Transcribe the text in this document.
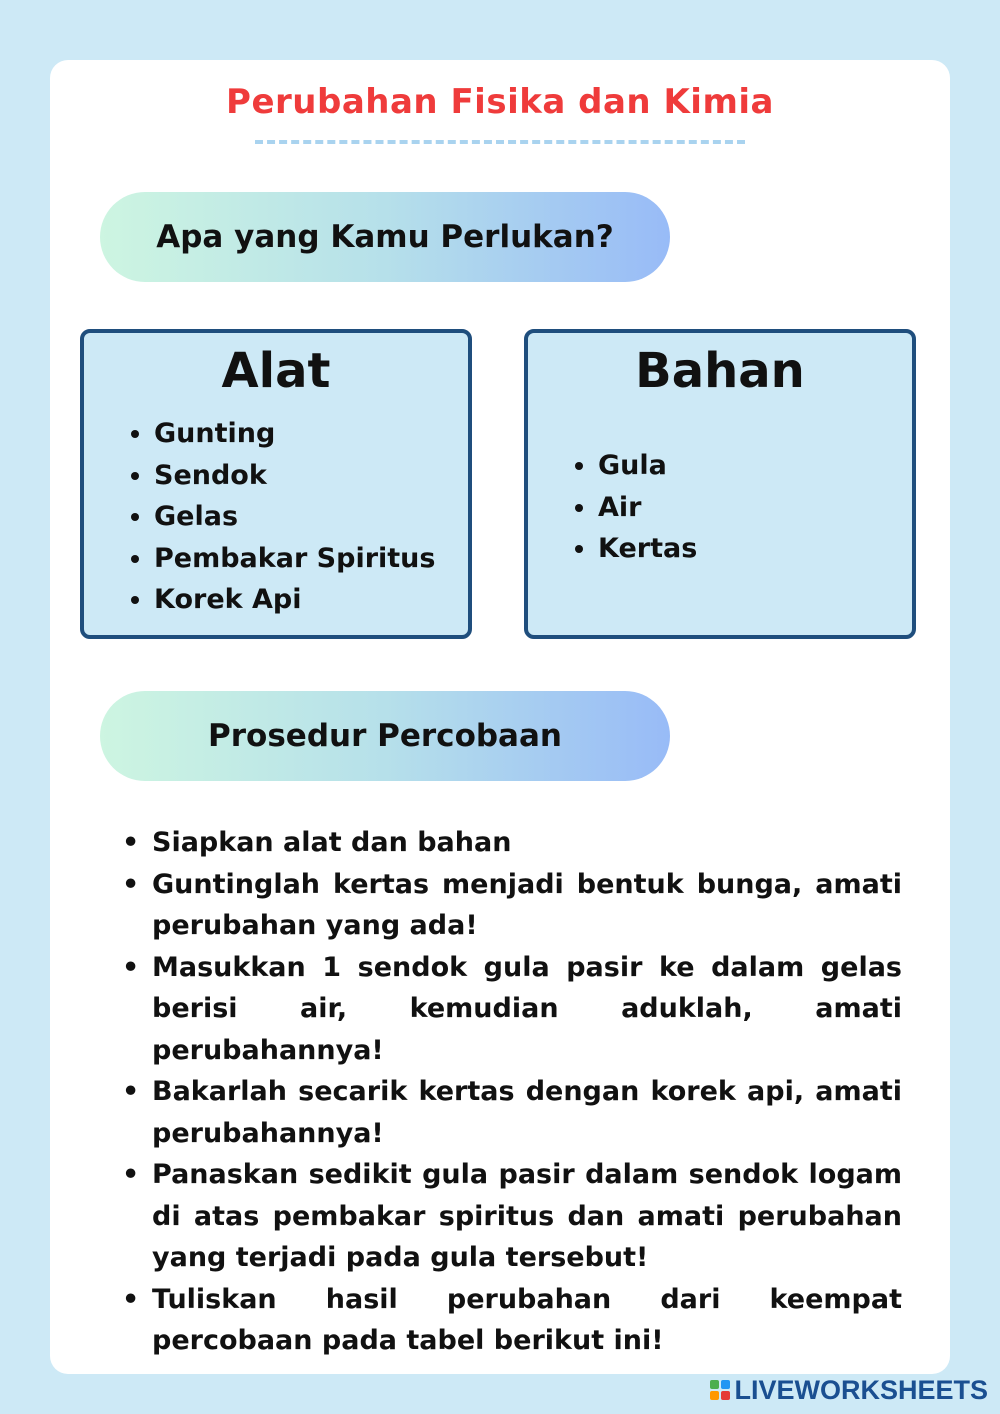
Perubahan Fisika dan Kimia
Apa yang Kamu Perlukan?
Alat
• Gunting
• Sendok
• Gelas
• Pembakar Spiritus
• Korek Api
Bahan
• Gula
• Air
• Kertas
Prosedur Percobaan
• Siapkan alat dan bahan
• Guntinglah kertas menjadi bentuk bunga, amati perubahan yang ada!
• Masukkan 1 sendok gula pasir ke dalam gelas berisi air, kemudian aduklah, amati perubahannya!
• Bakarlah secarik kertas dengan korek api, amati perubahannya!
• Panaskan sedikit gula pasir dalam sendok logam di atas pembakar spiritus dan amati perubahan yang terjadi pada gula tersebut!
• Tuliskan hasil perubahan dari keempat percobaan pada tabel berikut ini!
LIVEWORKSHEETS
